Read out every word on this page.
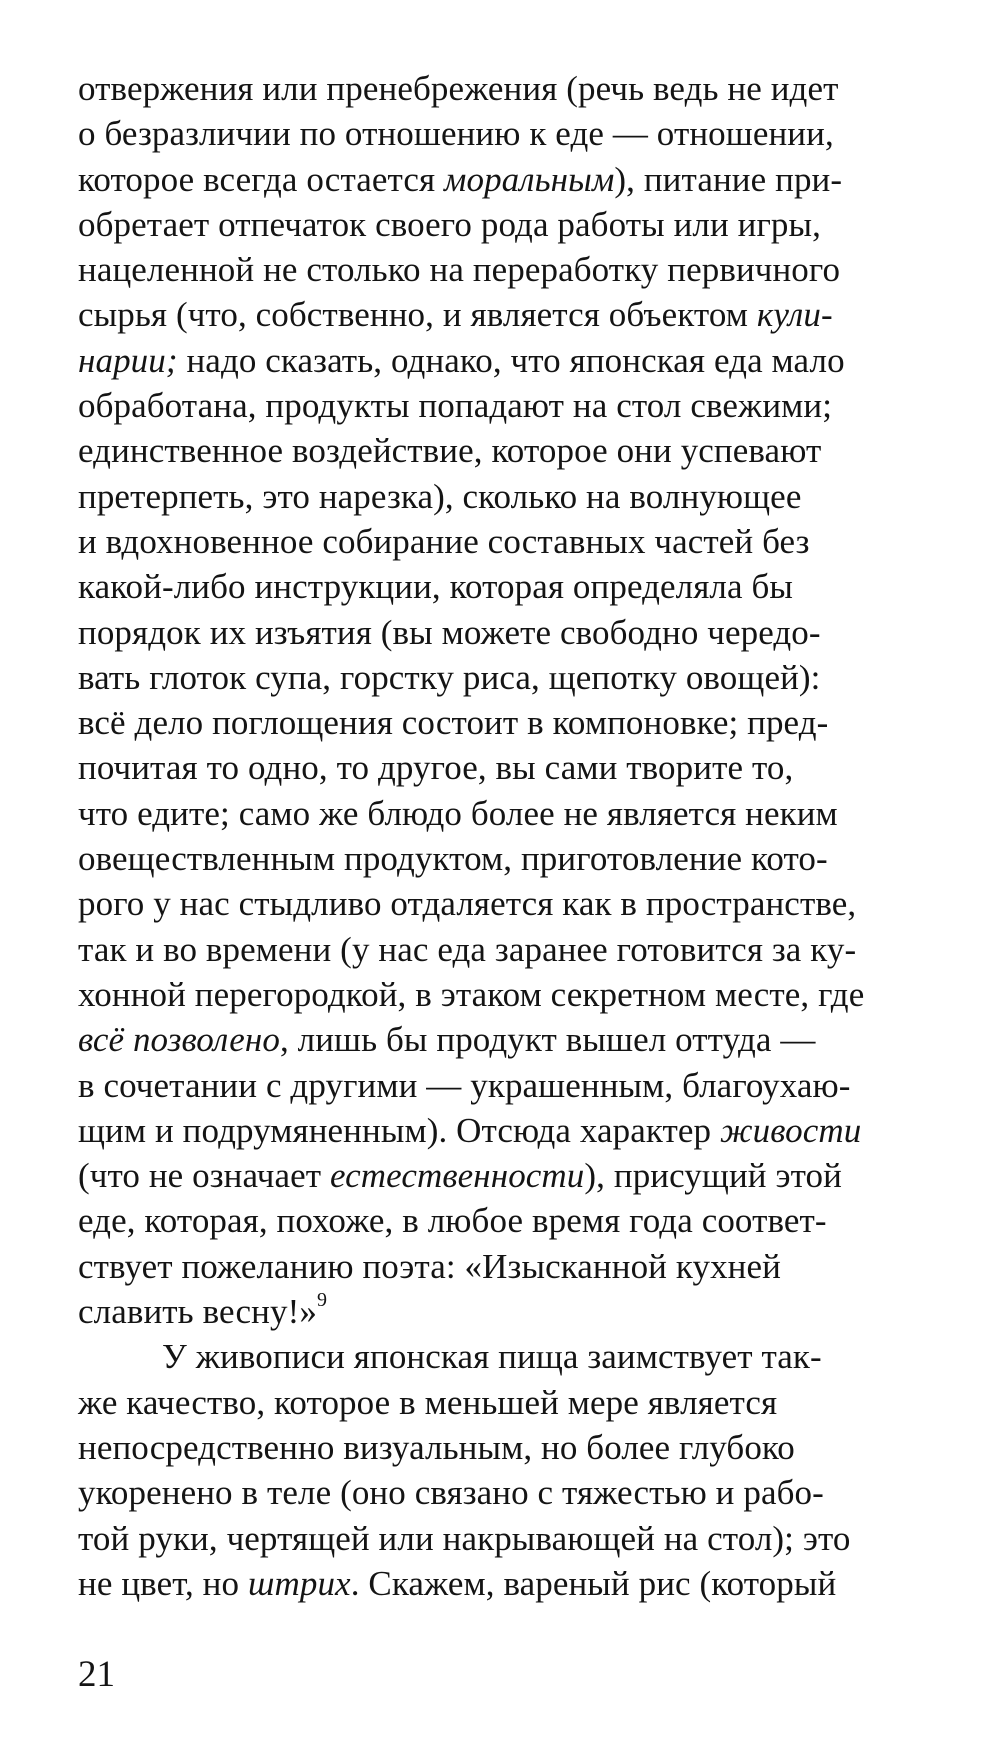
отвержения или пренебрежения (речь ведь не идет
о безразличии по отношению к еде — отношении,
которое всегда остается моральным), питание при-
обретает отпечаток своего рода работы или игры,
нацеленной не столько на переработку первичного
сырья (что, собственно, и является объектом кули-
нарии; надо сказать, однако, что японская еда мало
обработана, продукты попадают на стол свежими;
единственное воздействие, которое они успевают
претерпеть, это нарезка), сколько на волнующее
и вдохновенное собирание составных частей без
какой-либо инструкции, которая определяла бы
порядок их изъятия (вы можете свободно чередо-
вать глоток супа, горстку риса, щепотку овощей):
всё дело поглощения состоит в компоновке; пред-
почитая то одно, то другое, вы сами творите то,
что едите; само же блюдо более не является неким
овеществленным продуктом, приготовление кото-
рого у нас стыдливо отдаляется как в пространстве,
так и во времени (у нас еда заранее готовится за ку-
хонной перегородкой, в этаком секретном месте, где
всё позволено, лишь бы продукт вышел оттуда —
в сочетании с другими — украшенным, благоухаю-
щим и подрумяненным). Отсюда характер живости
(что не означает естественности), присущий этой
еде, которая, похоже, в любое время года соответ-
ствует пожеланию поэта: «Изысканной кухней
славить весну!»$^9$
У живописи японская пища заимствует так-
же качество, которое в меньшей мере является
непосредственно визуальным, но более глубоко
укоренено в теле (оно связано с тяжестью и рабо-
той руки, чертящей или накрывающей на стол); это
не цвет, но штрих. Скажем, вареный рис (который
21
